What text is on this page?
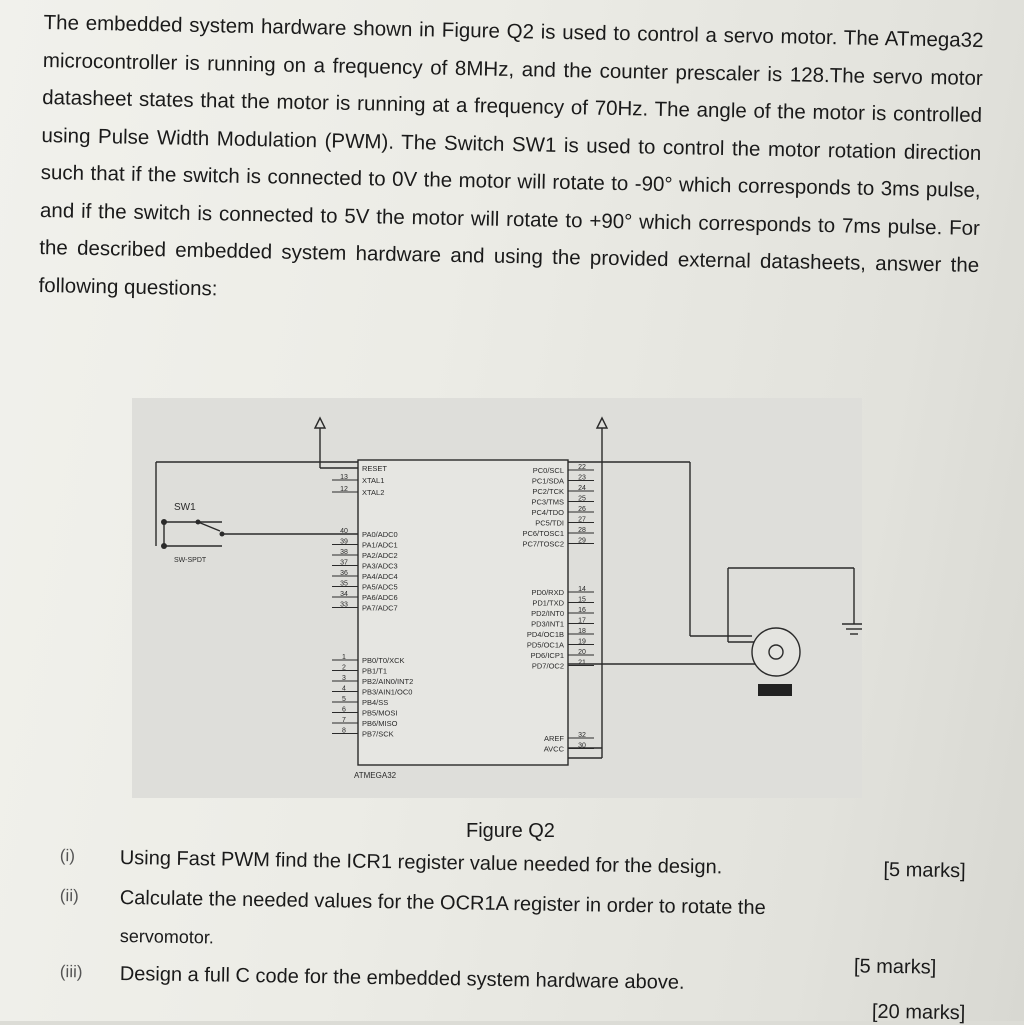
The embedded system hardware shown in Figure Q2 is used to control a servo motor. The ATmega32 microcontroller is running on a frequency of 8MHz, and the counter prescaler is 128.The servo motor datasheet states that the motor is running at a frequency of 70Hz. The angle of the motor is controlled using Pulse Width Modulation (PWM). The Switch SW1 is used to control the motor rotation direction such that if the switch is connected to 0V the motor will rotate to -90° which corresponds to 3ms pulse, and if the switch is connected to 5V the motor will rotate to +90° which corresponds to 7ms pulse. For the described embedded system hardware and using the provided external datasheets, answer the following questions:

RESET
13 XTAL1
12 XTAL2
40 PA0/ADC0
39 PA1/ADC1
38 PA2/ADC2
37 PA3/ADC3
36 PA4/ADC4
35 PA5/ADC5
34 PA6/ADC6
33 PA7/ADC7
1 PB0/T0/XCK
2 PB1/T1
3 PB2/AIN0/INT2
4 PB3/AIN1/OC0
5 PB4/SS
6 PB5/MOSI
7 PB6/MISO
8 PB7/SCK
22
PC0/SCL
23
PC1/SDA
24
PC2/TCK
25
PC3/TMS
26
PC4/TDO
27
PC5/TDI
28
PC6/TOSC1
29
PC7/TOSC2
14
PD0/RXD
15
PD1/TXD
16
PD2/INT0
17
PD3/INT1
18
PD4/OC1B
19
PD5/OC1A
20
PD6/ICP1
21
PD7/OC2
32
AREF
30
AVCC
ATMEGA32
SW1
SW-SPDT
Figure Q2
(i) Using Fast PWM find the ICR1 register value needed for the design.	[5 marks]
(ii) Calculate the needed values for the OCR1A register in order to rotate the
servomotor.
[5 marks]
(iii) Design a full C code for the embedded system hardware above.
[20 marks]
